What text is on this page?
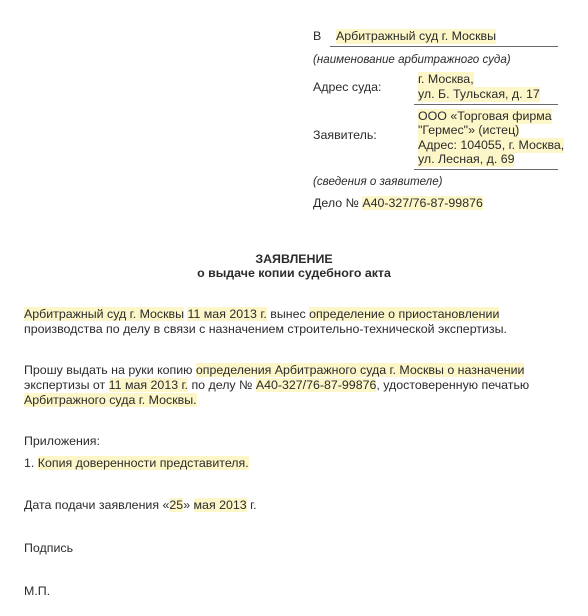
В Арбитражный суд г. Москвы
(наименование арбитражного суда)
Адрес суда:
г. Москва,
ул. Б. Тульская, д. 17
Заявитель:
ООО «Торговая фирма
"Гермес"» (истец)
Адрес: 104055, г. Москва,
ул. Лесная, д. 69
(сведения о заявителе)
Дело № А40-327/76-87-99876
ЗАЯВЛЕНИЕ
о выдаче копии судебного акта
Арбитражный суд г. Москвы 11 мая 2013 г. вынес определение о приостановлении
производства по делу в связи с назначением строительно-технической экспертизы.
Прошу выдать на руки копию определения Арбитражного суда г. Москвы о назначении
экспертизы от 11 мая 2013 г. по делу № А40-327/76-87-99876, удостоверенную печатью
Арбитражного суда г. Москвы.
Приложения:
1. Копия доверенности представителя.
Дата подачи заявления «25» мая 2013 г.
Подпись
М.П.
